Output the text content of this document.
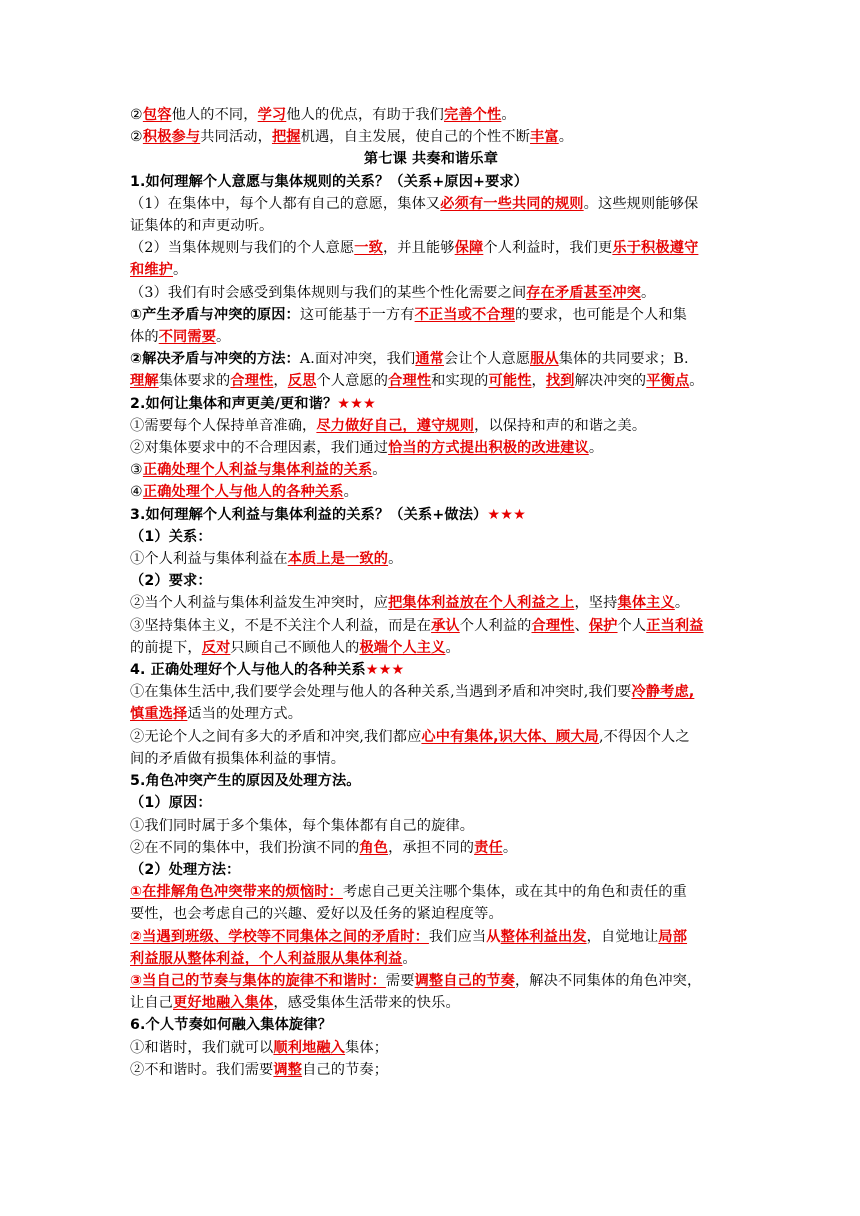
②包容他人的不同，学习他人的优点，有助于我们完善个性。
②积极参与共同活动，把握机遇，自主发展，使自己的个性不断丰富。
第七课 共奏和谐乐章
1.如何理解个人意愿与集体规则的关系？（关系+原因+要求）
（1）在集体中，每个人都有自己的意愿，集体又必须有一些共同的规则。这些规则能够保
证集体的和声更动听。
（2）当集体规则与我们的个人意愿一致，并且能够保障个人利益时，我们更乐于积极遵守
和维护。
（3）我们有时会感受到集体规则与我们的某些个性化需要之间存在矛盾甚至冲突。
①产生矛盾与冲突的原因：这可能基于一方有不正当或不合理的要求，也可能是个人和集
体的不同需要。
②解决矛盾与冲突的方法：A.面对冲突，我们通常会让个人意愿服从集体的共同要求；B.
理解集体要求的合理性，反思个人意愿的合理性和实现的可能性，找到解决冲突的平衡点。
2.如何让集体和声更美/更和谐？★★★
①需要每个人保持单音准确，尽力做好自己，遵守规则，以保持和声的和谐之美。
②对集体要求中的不合理因素，我们通过恰当的方式提出积极的改进建议。
③正确处理个人利益与集体利益的关系。
④正确处理个人与他人的各种关系。
3.如何理解个人利益与集体利益的关系？（关系+做法）★★★
（1）关系：
①个人利益与集体利益在本质上是一致的。
（2）要求：
②当个人利益与集体利益发生冲突时，应把集体利益放在个人利益之上，坚持集体主义。
③坚持集体主义，不是不关注个人利益，而是在承认个人利益的合理性、保护个人正当利益
的前提下，反对只顾自己不顾他人的极端个人主义。
4. 正确处理好个人与他人的各种关系★★★
①在集体生活中,我们要学会处理与他人的各种关系,当遇到矛盾和冲突时,我们要冷静考虑,
慎重选择适当的处理方式。
②无论个人之间有多大的矛盾和冲突,我们都应心中有集体,识大体、顾大局,不得因个人之
间的矛盾做有损集体利益的事情。
5.角色冲突产生的原因及处理方法。
（1）原因：
①我们同时属于多个集体，每个集体都有自己的旋律。
②在不同的集体中，我们扮演不同的角色，承担不同的责任。
（2）处理方法：
①在排解角色冲突带来的烦恼时：考虑自己更关注哪个集体，或在其中的角色和责任的重
要性，也会考虑自己的兴趣、爱好以及任务的紧迫程度等。
②当遇到班级、学校等不同集体之间的矛盾时：我们应当从整体利益出发，自觉地让局部
利益服从整体利益，个人利益服从集体利益。
③当自己的节奏与集体的旋律不和谐时：需要调整自己的节奏，解决不同集体的角色冲突，
让自己更好地融入集体，感受集体生活带来的快乐。
6.个人节奏如何融入集体旋律？
①和谐时，我们就可以顺利地融入集体；
②不和谐时。我们需要调整自己的节奏；
